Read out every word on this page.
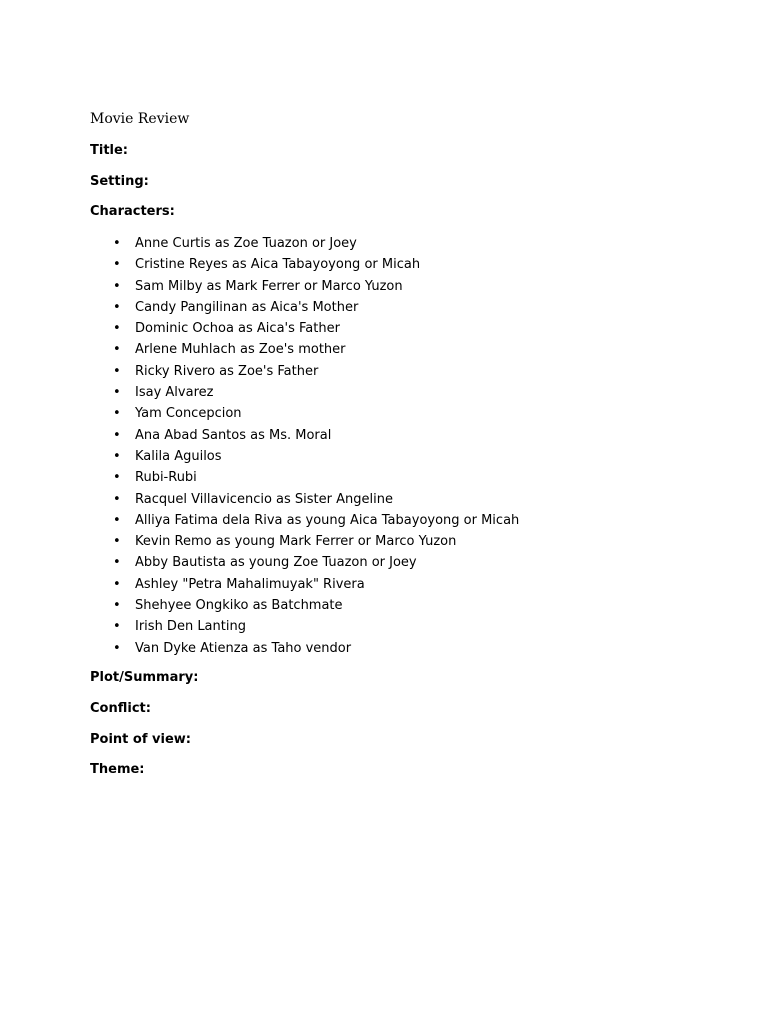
Movie Review
Title:
Setting:
Characters:
• Anne Curtis as Zoe Tuazon or Joey
• Cristine Reyes as Aica Tabayoyong or Micah
• Sam Milby as Mark Ferrer or Marco Yuzon
• Candy Pangilinan as Aica's Mother
• Dominic Ochoa as Aica's Father
• Arlene Muhlach as Zoe's mother
• Ricky Rivero as Zoe's Father
• Isay Alvarez
• Yam Concepcion
• Ana Abad Santos as Ms. Moral
• Kalila Aguilos
• Rubi-Rubi
• Racquel Villavicencio as Sister Angeline
• Alliya Fatima dela Riva as young Aica Tabayoyong or Micah
• Kevin Remo as young Mark Ferrer or Marco Yuzon
• Abby Bautista as young Zoe Tuazon or Joey
• Ashley "Petra Mahalimuyak" Rivera
• Shehyee Ongkiko as Batchmate
• Irish Den Lanting
• Van Dyke Atienza as Taho vendor
Plot/Summary:
Conflict:
Point of view:
Theme:
